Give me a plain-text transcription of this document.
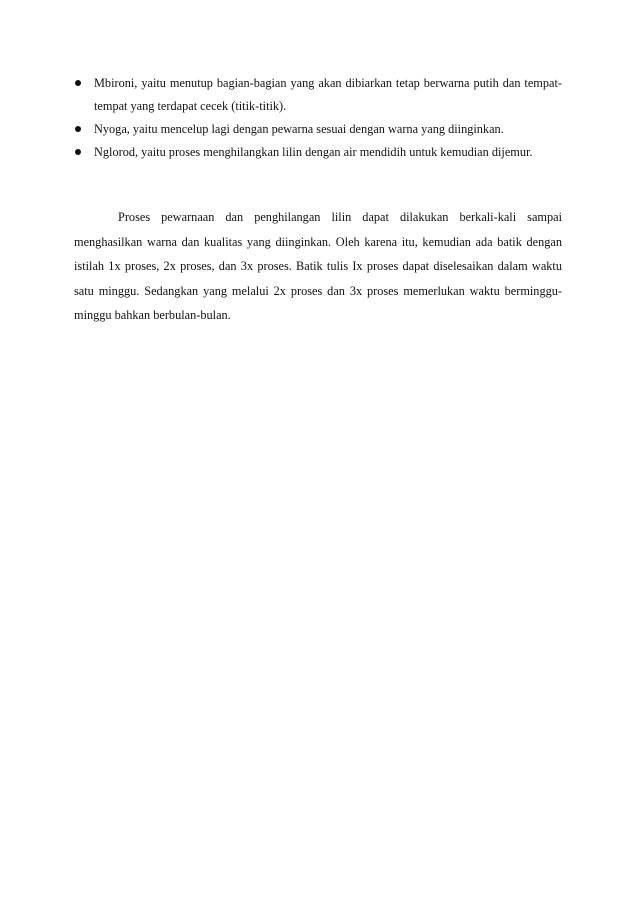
Mbironi, yaitu menutup bagian-bagian yang akan dibiarkan tetap berwarna putih dan tempat-tempat yang terdapat cecek (titik-titik).
Nyoga, yaitu mencelup lagi dengan pewarna sesuai dengan warna yang diinginkan.
Nglorod, yaitu proses menghilangkan lilin dengan air mendidih untuk kemudian dijemur.

Proses pewarnaan dan penghilangan lilin dapat dilakukan berkali-kali sampai menghasilkan warna dan kualitas yang diinginkan. Oleh karena itu, kemudian ada batik dengan istilah 1x proses, 2x proses, dan 3x proses. Batik tulis Ix proses dapat diselesaikan dalam waktu satu minggu. Sedangkan yang melalui 2x proses dan 3x proses memerlukan waktu berminggu-minggu bahkan berbulan-bulan.
